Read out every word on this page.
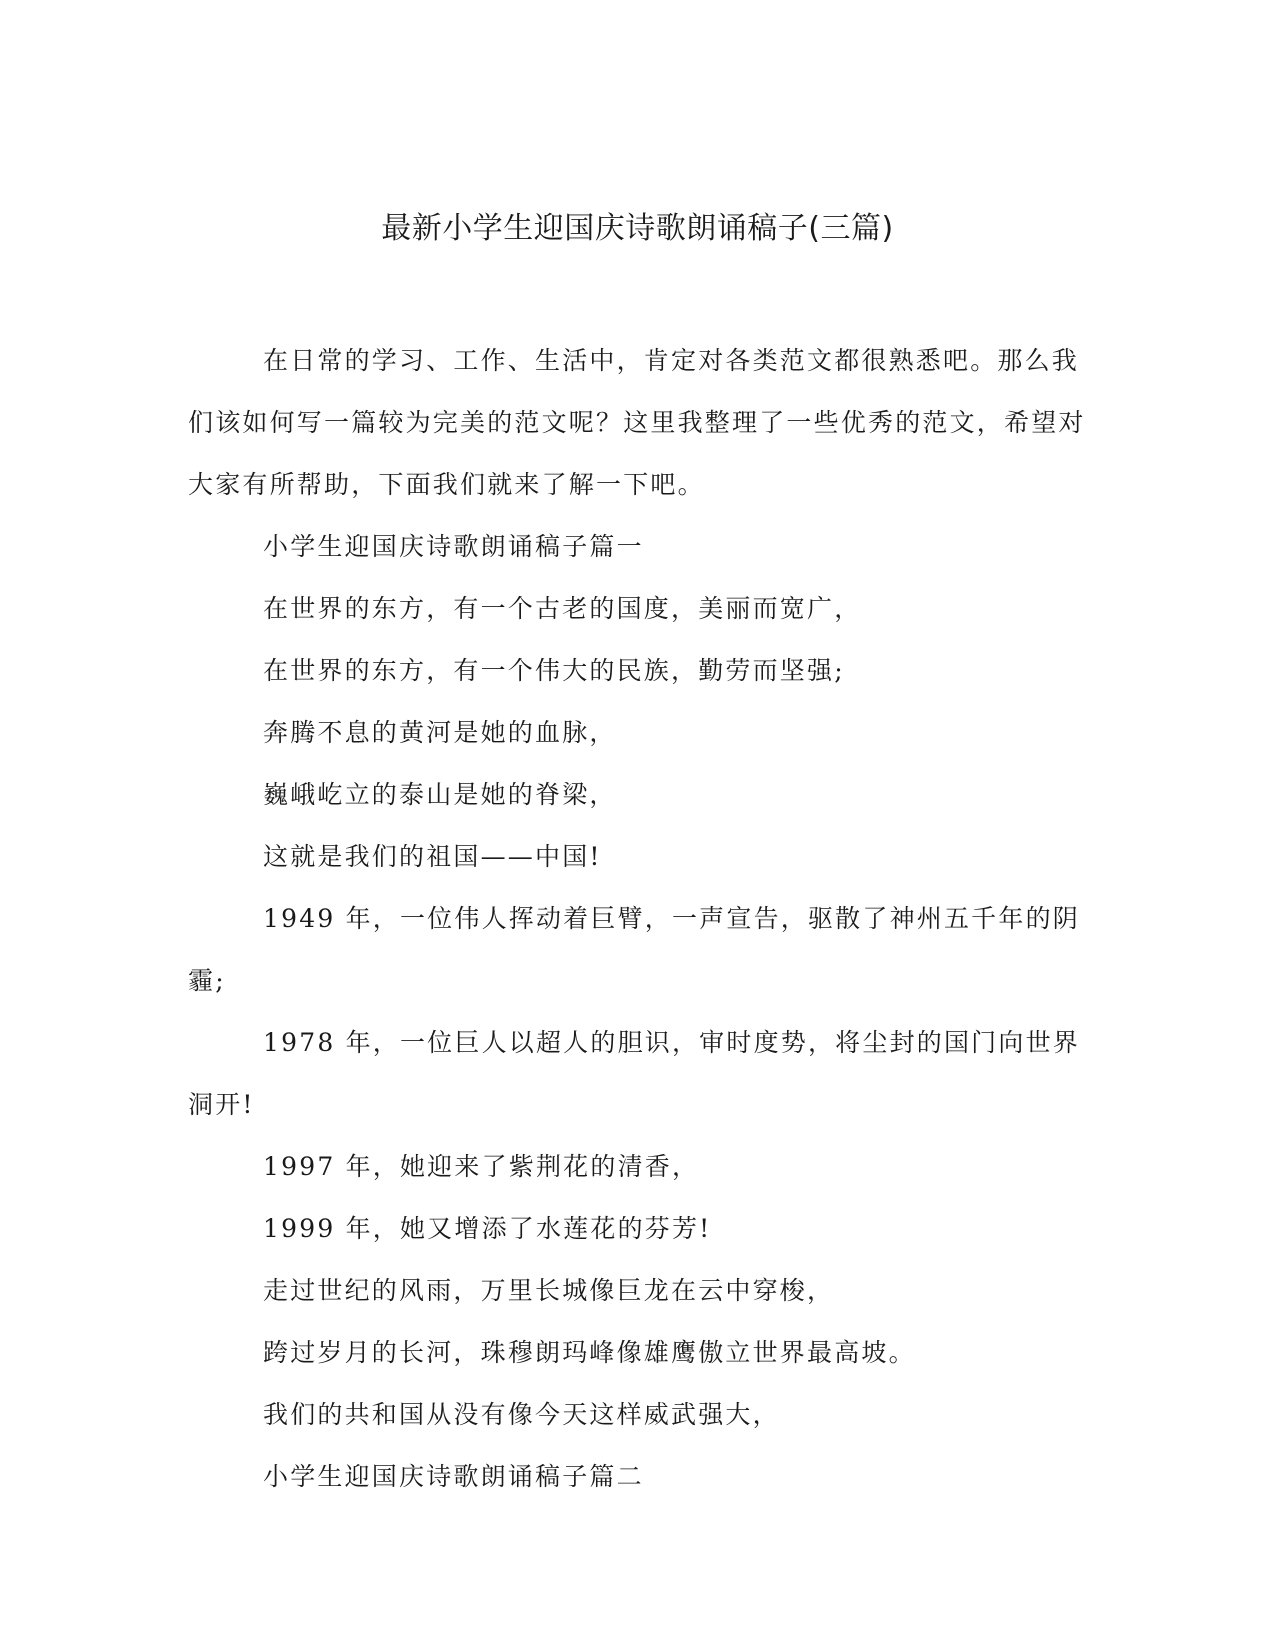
最新小学生迎国庆诗歌朗诵稿子(三篇)

在日常的学习、工作、生活中，肯定对各类范文都很熟悉吧。那么我们该如何写一篇较为完美的范文呢？这里我整理了一些优秀的范文，希望对大家有所帮助，下面我们就来了解一下吧。

小学生迎国庆诗歌朗诵稿子篇一

在世界的东方，有一个古老的国度，美丽而宽广，

在世界的东方，有一个伟大的民族，勤劳而坚强;

奔腾不息的黄河是她的血脉，

巍峨屹立的泰山是她的脊梁，

这就是我们的祖国——中国!

1949 年，一位伟人挥动着巨臂，一声宣告，驱散了神州五千年的阴霾;

1978 年，一位巨人以超人的胆识，审时度势，将尘封的国门向世界洞开!

1997 年，她迎来了紫荆花的清香，

1999 年，她又增添了水莲花的芬芳!

走过世纪的风雨，万里长城像巨龙在云中穿梭，

跨过岁月的长河，珠穆朗玛峰像雄鹰傲立世界最高坡。

我们的共和国从没有像今天这样威武强大，

小学生迎国庆诗歌朗诵稿子篇二
